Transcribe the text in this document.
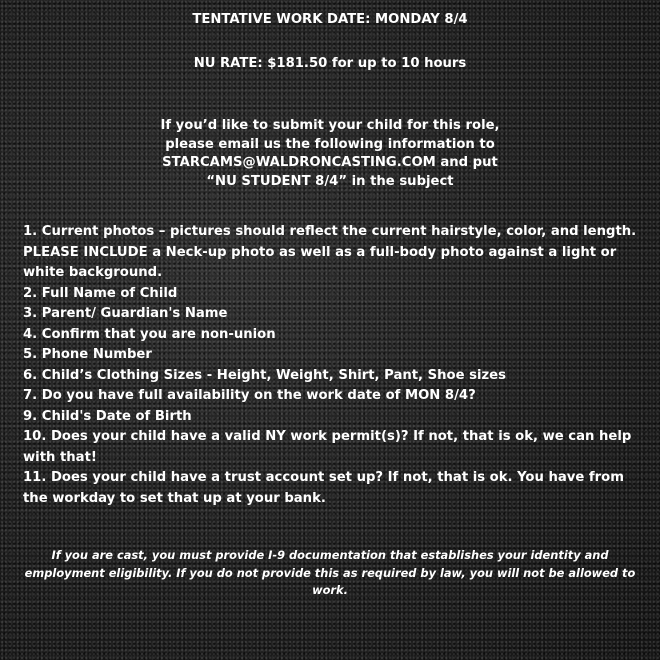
TENTATIVE WORK DATE: MONDAY 8/4
NU RATE: $181.50 for up to 10 hours
If you’d like to submit your child for this role,
please email us the following information to
STARCAMS@WALDRONCASTING.COM and put
“NU STUDENT 8/4” in the subject
1. Current photos – pictures should reflect the current hairstyle, color, and length. PLEASE INCLUDE a Neck-up photo as well as a full-body photo against a light or white background.
2. Full Name of Child
3. Parent/ Guardian's Name
4. Confirm that you are non-union
5. Phone Number
6. Child’s Clothing Sizes - Height, Weight, Shirt, Pant, Shoe sizes
7. Do you have full availability on the work date of MON 8/4?
9. Child's Date of Birth
10. Does your child have a valid NY work permit(s)? If not, that is ok, we can help with that!
11. Does your child have a trust account set up? If not, that is ok. You have from the workday to set that up at your bank.
If you are cast, you must provide I-9 documentation that establishes your identity and employment eligibility. If you do not provide this as required by law, you will not be allowed to work.
